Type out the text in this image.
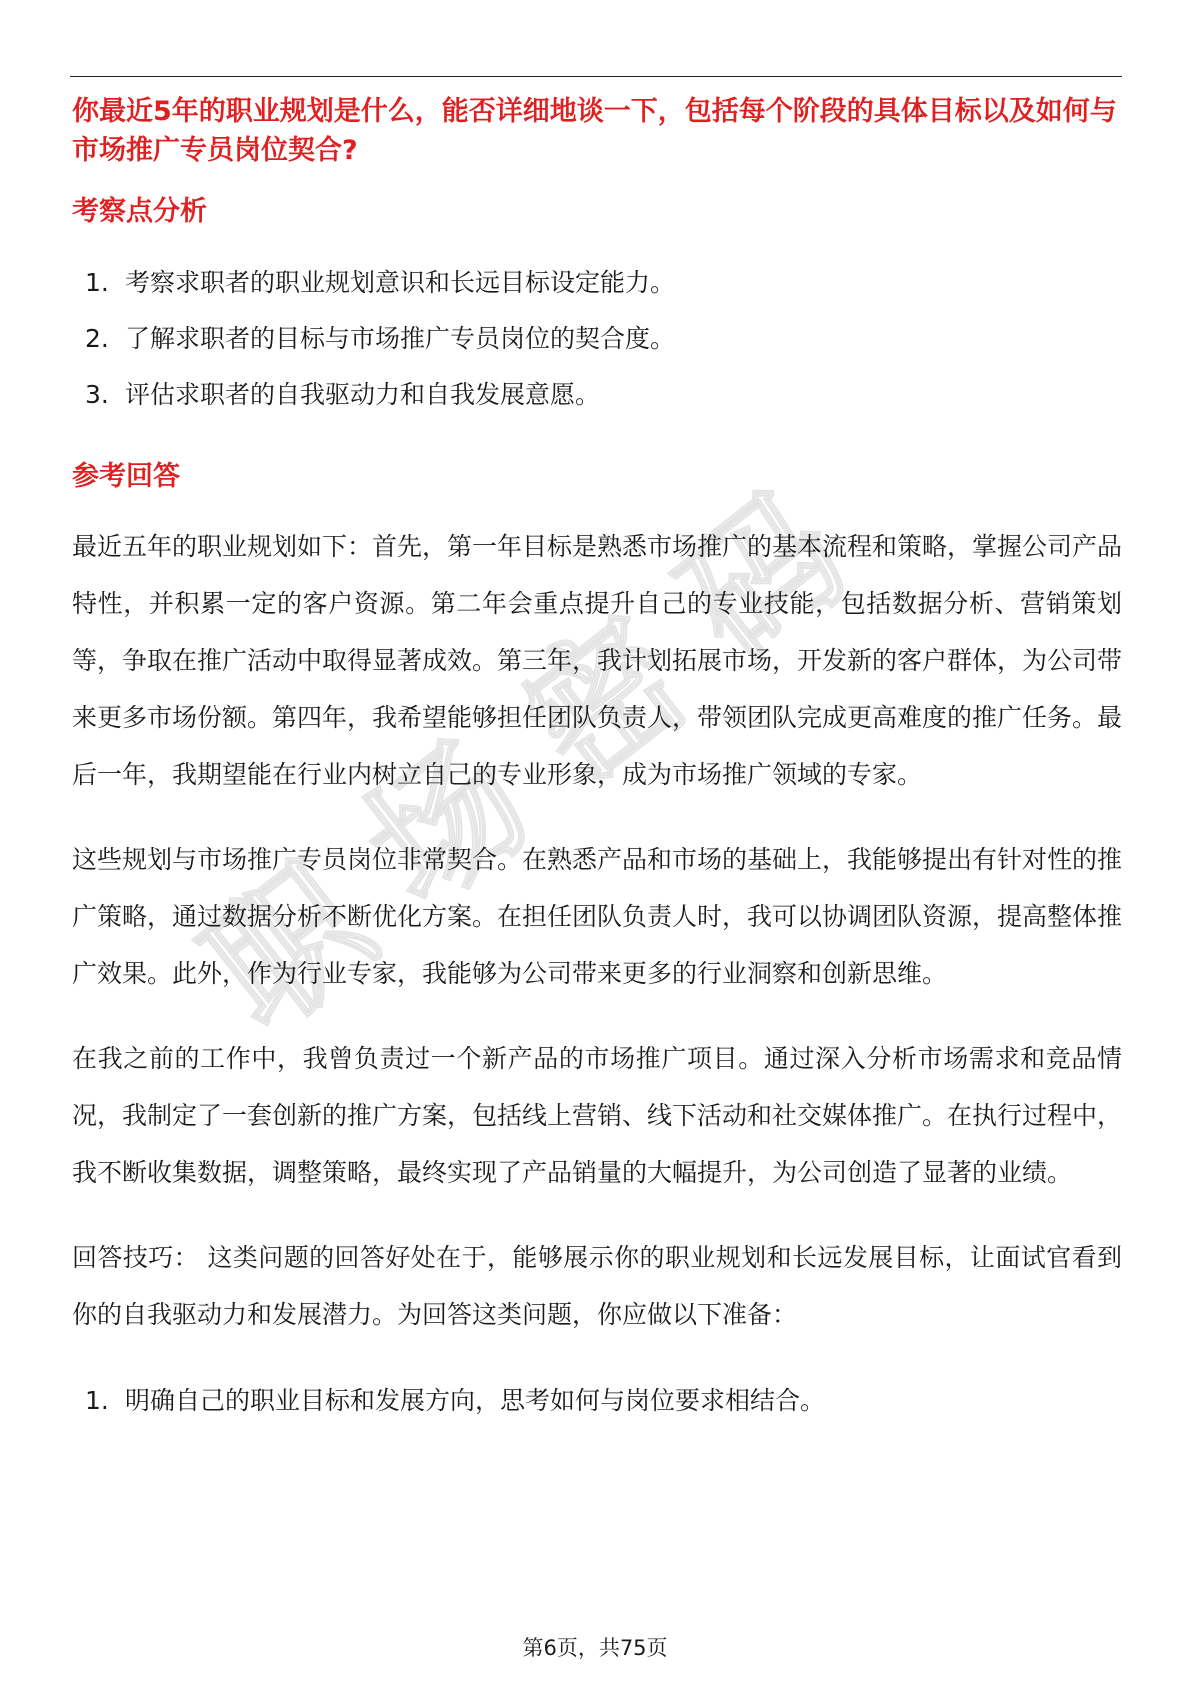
职
场
密
码
你最近5年的职业规划是什么，能否详细地谈一下，包括每个阶段的具体目标以及如何与市场推广专员岗位契合?
考察点分析
1. 考察求职者的职业规划意识和长远目标设定能力。
2. 了解求职者的目标与市场推广专员岗位的契合度。
3. 评估求职者的自我驱动力和自我发展意愿。
参考回答

最近五年的职业规划如下：首先，第一年目标是熟悉市场推广的基本流程和策略，掌握公司产品特性，并积累一定的客户资源。第二年会重点提升自己的专业技能，包括数据分析、营销策划等，争取在推广活动中取得显著成效。第三年，我计划拓展市场，开发新的客户群体，为公司带来更多市场份额。第四年，我希望能够担任团队负责人，带领团队完成更高难度的推广任务。最后一年，我期望能在行业内树立自己的专业形象，成为市场推广领域的专家。

这些规划与市场推广专员岗位非常契合。在熟悉产品和市场的基础上，我能够提出有针对性的推广策略，通过数据分析不断优化方案。在担任团队负责人时，我可以协调团队资源，提高整体推广效果。此外，作为行业专家，我能够为公司带来更多的行业洞察和创新思维。

在我之前的工作中，我曾负责过一个新产品的市场推广项目。通过深入分析市场需求和竞品情况，我制定了一套创新的推广方案，包括线上营销、线下活动和社交媒体推广。在执行过程中，我不断收集数据，调整策略，最终实现了产品销量的大幅提升，为公司创造了显著的业绩。

回答技巧： 这类问题的回答好处在于，能够展示你的职业规划和长远发展目标，让面试官看到你的自我驱动力和发展潜力。为回答这类问题，你应做以下准备：

1. 明确自己的职业目标和发展方向，思考如何与岗位要求相结合。
第6页，共75页
